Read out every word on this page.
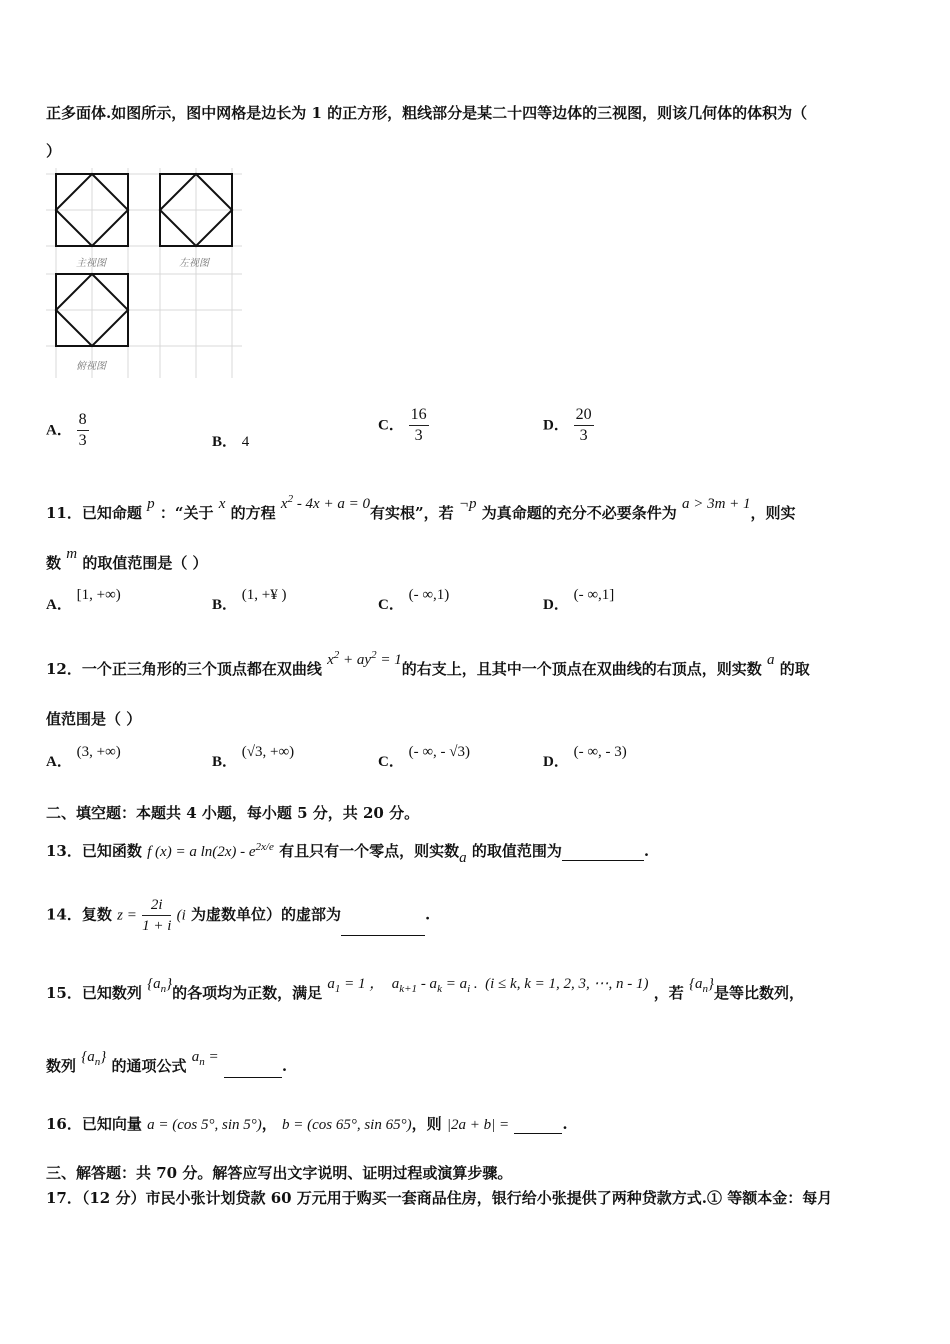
正多面体.如图所示，图中网格是边长为 1 的正方形，粗线部分是某二十四等边体的三视图，则该几何体的体积为（
）
主视图	左视图
俯视图
A． $\frac{8}{3}$	B． 4
C． $\frac{16}{3}$	D． $\frac{20}{3}$
11．已知命题 p ：“关于 x 的方程 $x^2 - 4x + a = 0$有实根”，若 ¬p 为真命题的充分不必要条件为 a > 3m + 1，则实
数 m 的取值范围是（ ）
A． [1, +∞)
B． (1, +¥ )
C． (- ∞,1)
D． (- ∞,1]
12．一个正三角形的三个顶点都在双曲线 $x^2 + ay^2 = 1$的右支上，且其中一个顶点在双曲线的右顶点，则实数 a 的取
值范围是（ ）
A． (3, +∞)
B． (√3, +∞)
C． (- ∞, - √3)
D． (- ∞, - 3)
二、填空题：本题共 4 小题，每小题 5 分，共 20 分。
13．已知函数 f (x) = a $\ln(2x) - e^{2x/e}$ 有且只有一个零点，则实数a 的取值范围为	.
14．复数 $z = \frac{2i}{1 + i} (i$ 为虚数单位）的虚部为	.
15．已知数列 $\{a_n\}$的各项均为正数，满足 $a_1 = 1$ ，  $a_{k+1} - a_k = a_i$ .  (i ≤ k, k = 1, 2, 3, ⋯, n - 1) ，若 $\{a_n\}$是等比数列，
数列 $\{a_n\}$ 的通项公式 $a_n$ =	.
16．已知向量 a = (cos 5°, sin 5°)， b = (cos 65°, sin 65°)，则 |2a + b| =	.
三、解答题：共 70 分。解答应写出文字说明、证明过程或演算步骤。
17．（12 分）市民小张计划贷款 60 万元用于购买一套商品住房，银行给小张提供了两种贷款方式.① 等额本金：每月
